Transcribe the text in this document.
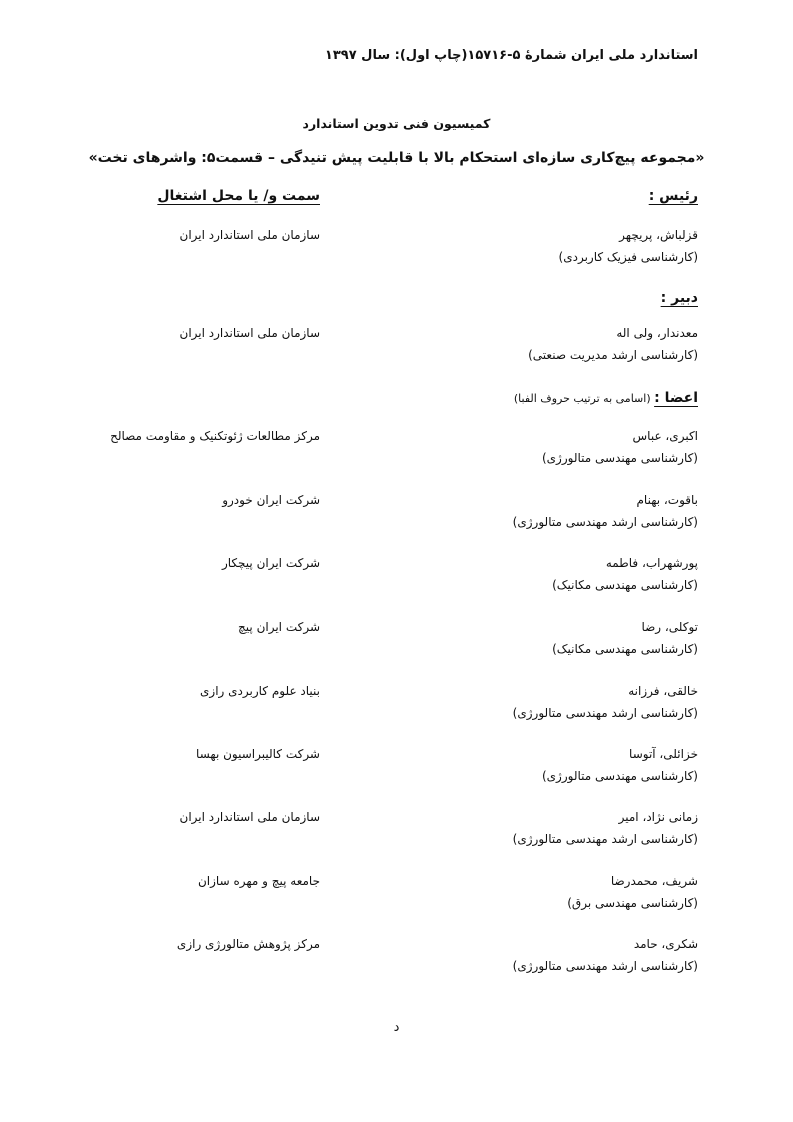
استاندارد ملی ایران شمارۀ ۵-۱۵۷۱۶(چاپ اول): سال ۱۳۹۷
کمیسیون فنی تدوین استاندارد
«مجموعه پیچ‌کاری سازه‌ای استحکام بالا با قابلیت پیش تنیدگی – قسمت۵: واشرهای تخت»
سمت و/ یا محل اشتغال	رئیس :
قزلباش، پریچهر
(کارشناسی فیزیک کاربردی)
سازمان ملی استاندارد ایران
دبیر :
معدندار، ولی اله
(کارشناسی ارشد مدیریت صنعتی)
سازمان ملی استاندارد ایران
اعضا : (اسامی به ترتیب حروف الفبا)
اکبری، عباس
(کارشناسی مهندسی متالورژی)
مرکز مطالعات ژئوتکنیک و مقاومت مصالح
باقوت، بهنام
(کارشناسی ارشد مهندسی متالورژی)
شرکت ایران خودرو
پورشهراب، فاطمه
(کارشناسی مهندسی مکانیک)
شرکت ایران پیچکار
توکلی، رضا
(کارشناسی مهندسی مکانیک)
شرکت ایران پیچ
خالقی، فرزانه
(کارشناسی ارشد مهندسی متالورژی)
بنیاد علوم کاربردی رازی
خزائلی، آتوسا
(کارشناسی مهندسی متالورژی)
شرکت کالیبراسیون بهسا
زمانی نژاد، امیر
(کارشناسی ارشد مهندسی متالورژی)
سازمان ملی استاندارد ایران
شریف، محمدرضا
(کارشناسی مهندسی برق)
جامعه پیچ و مهره سازان
شکری، حامد
(کارشناسی ارشد مهندسی متالورژی)
مرکز پژوهش متالورژی رازی
د
